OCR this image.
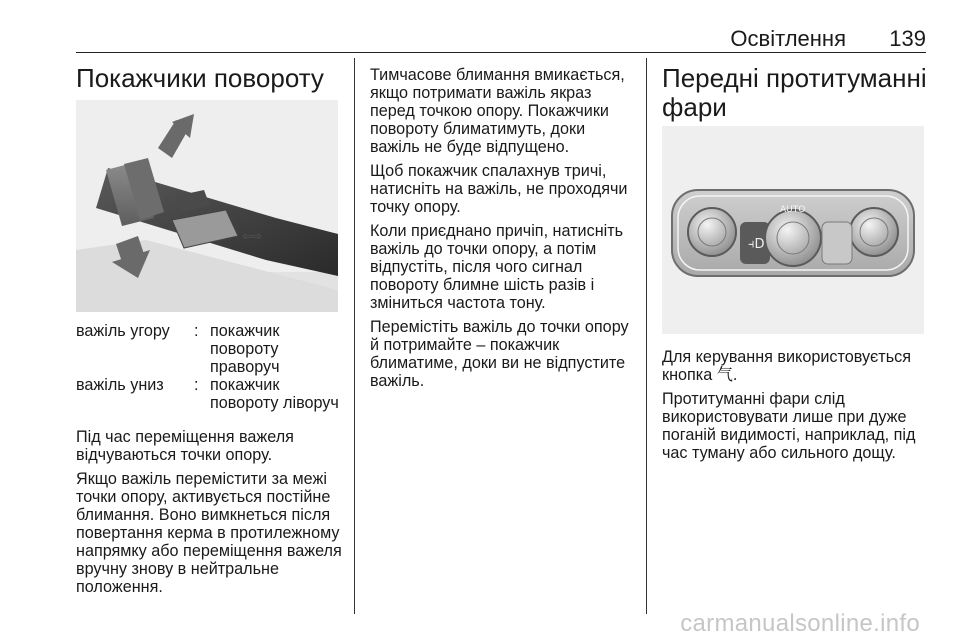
Освітлення 139
Покажчики повороту
⇦⇨
важіль угору	:	покажчик
повороту
праворуч

важіль униз	:	покажчик
повороту ліворуч

Під час переміщення важеля
відчуваються точки опору.

Якщо важіль перемістити за межі
точки опору, активується постійне
блимання. Воно вимкнеться після
повертання керма в протилежному
напрямку або переміщення важеля
вручну знову в нейтральне
положення.

Тимчасове блимання вмикається,
якщо потримати важіль якраз
перед точкою опору. Покажчики
повороту блиматимуть, доки
важіль не буде відпущено.

Щоб покажчик спалахнув тричі,
натисніть на важіль, не проходячи
точку опору.

Коли приєднано причіп, натисніть
важіль до точки опору, а потім
відпустіть, після чого сигнал
повороту блимне шість разів і
зміниться частота тону.

Перемістіть важіль до точки опору
й потримайте – покажчик
блиматиме, доки ви не відпустите
важіль.

Передні протитуманні
фари
AUTO
⫞D

Для керування використовується
кнопка ⽓.

Протитуманні фари слід
використовувати лише при дуже
поганій видимості, наприклад, під
час туману або сильного дощу.

carmanualsonline.info
